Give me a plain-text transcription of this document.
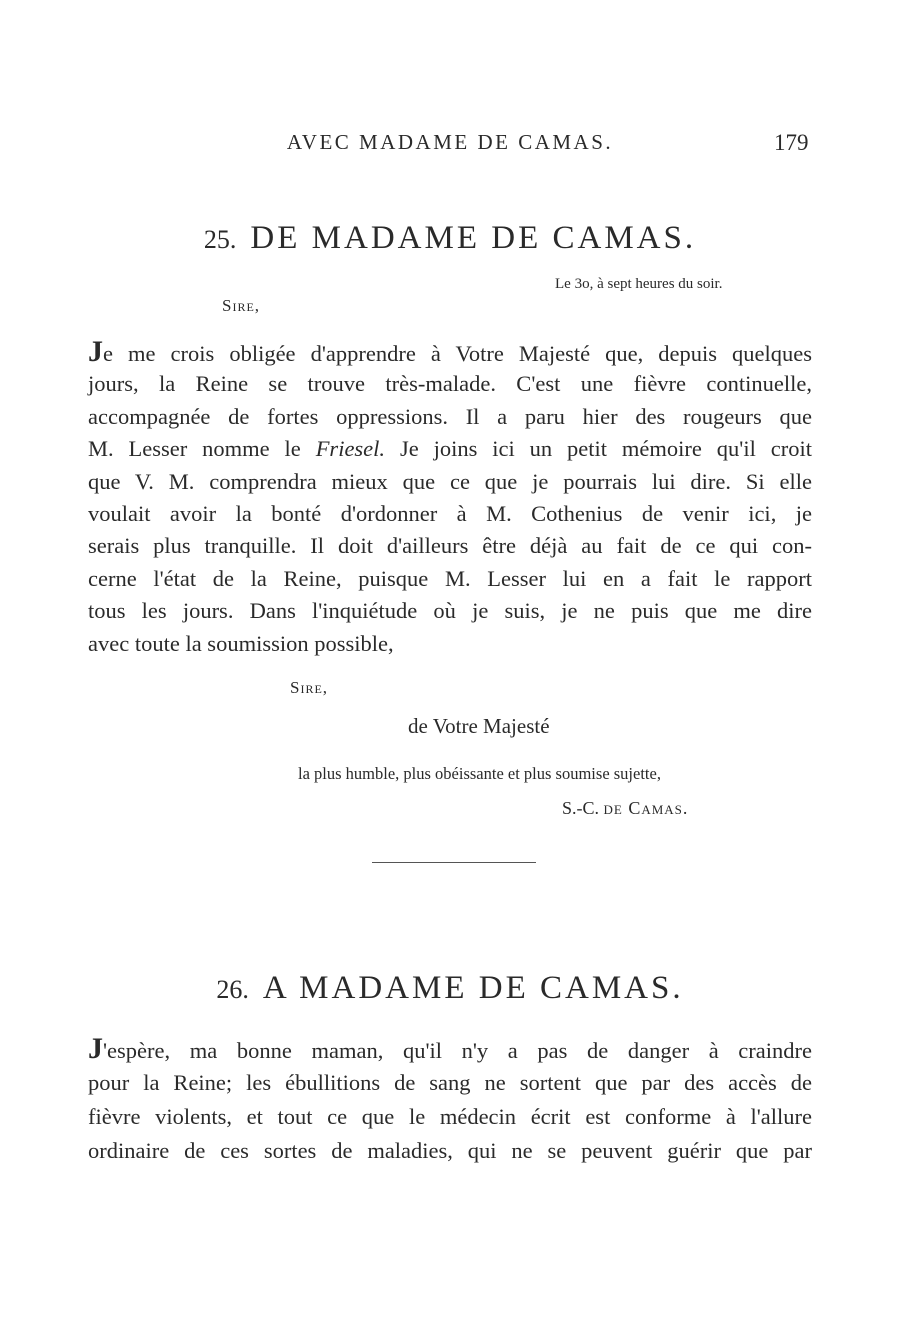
AVEC MADAME DE CAMAS.	179
25. DE MADAME DE CAMAS.
Le 3o, à sept heures du soir.
Sire,
Je me crois obligée d'apprendre à Votre Majesté que, depuis quelques
jours, la Reine se trouve très-malade. C'est une fièvre continuelle,
accompagnée de fortes oppressions. Il a paru hier des rougeurs que
M. Lesser nomme le Friesel. Je joins ici un petit mémoire qu'il croit
que V. M. comprendra mieux que ce que je pourrais lui dire. Si elle
voulait avoir la bonté d'ordonner à M. Cothenius de venir ici, je
serais plus tranquille. Il doit d'ailleurs être déjà au fait de ce qui con-
cerne l'état de la Reine, puisque M. Lesser lui en a fait le rapport
tous les jours. Dans l'inquiétude où je suis, je ne puis que me dire
avec toute la soumission possible,
Sire,
de Votre Majesté
la plus humble, plus obéissante et plus soumise sujette,
S.-C. de Camas.
26. A MADAME DE CAMAS.
J'espère, ma bonne maman, qu'il n'y a pas de danger à craindre
pour la Reine; les ébullitions de sang ne sortent que par des accès de
fièvre violents, et tout ce que le médecin écrit est conforme à l'allure
ordinaire de ces sortes de maladies, qui ne se peuvent guérir que par
